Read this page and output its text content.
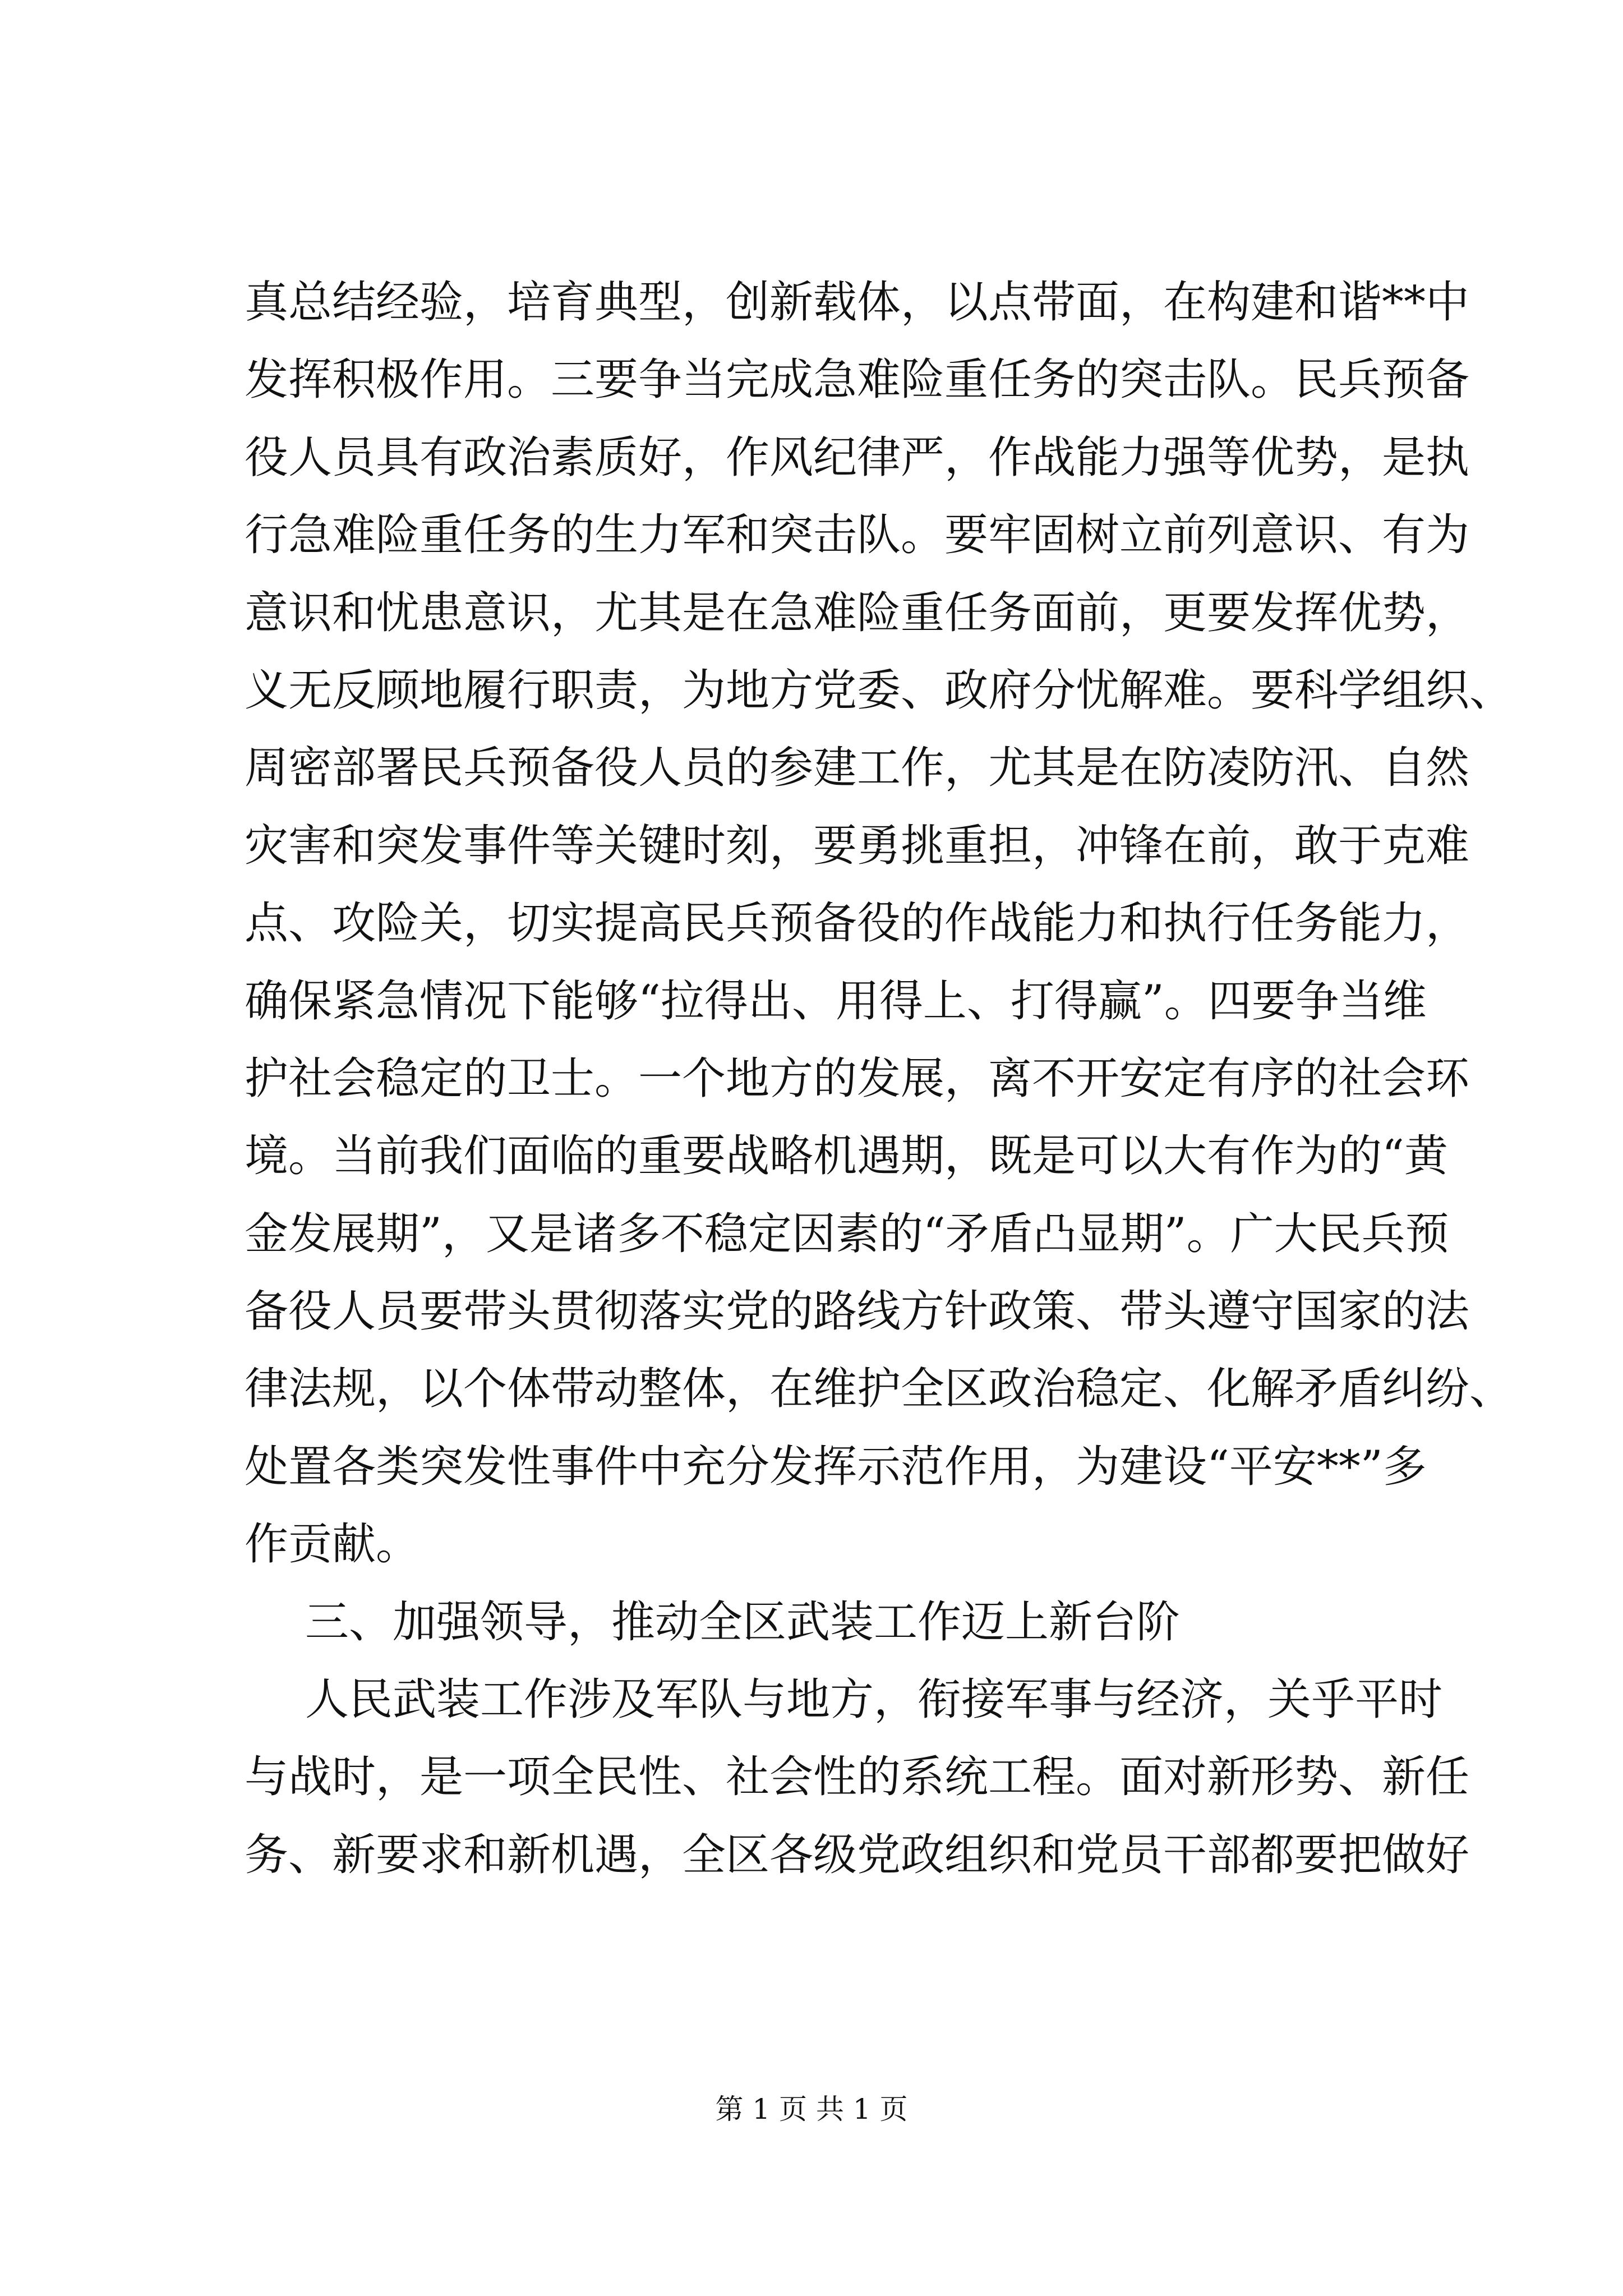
真总结经验，培育典型，创新载体，以点带面，在构建和谐**中
发挥积极作用。三要争当完成急难险重任务的突击队。民兵预备
役人员具有政治素质好，作风纪律严，作战能力强等优势，是执
行急难险重任务的生力军和突击队。要牢固树立前列意识、有为
意识和忧患意识，尤其是在急难险重任务面前，更要发挥优势，
义无反顾地履行职责，为地方党委、政府分忧解难。要科学组织、
周密部署民兵预备役人员的参建工作，尤其是在防凌防汛、自然
灾害和突发事件等关键时刻，要勇挑重担，冲锋在前，敢于克难
点、攻险关，切实提高民兵预备役的作战能力和执行任务能力，
确保紧急情况下能够“拉得出、用得上、打得赢”。四要争当维
护社会稳定的卫士。一个地方的发展，离不开安定有序的社会环
境。当前我们面临的重要战略机遇期，既是可以大有作为的“黄
金发展期”，又是诸多不稳定因素的“矛盾凸显期”。广大民兵预
备役人员要带头贯彻落实党的路线方针政策、带头遵守国家的法
律法规，以个体带动整体，在维护全区政治稳定、化解矛盾纠纷、
处置各类突发性事件中充分发挥示范作用，为建设“平安**”多
作贡献。
三、加强领导，推动全区武装工作迈上新台阶
人民武装工作涉及军队与地方，衔接军事与经济，关乎平时
与战时，是一项全民性、社会性的系统工程。面对新形势、新任
务、新要求和新机遇，全区各级党政组织和党员干部都要把做好
第 1 页 共 1 页
